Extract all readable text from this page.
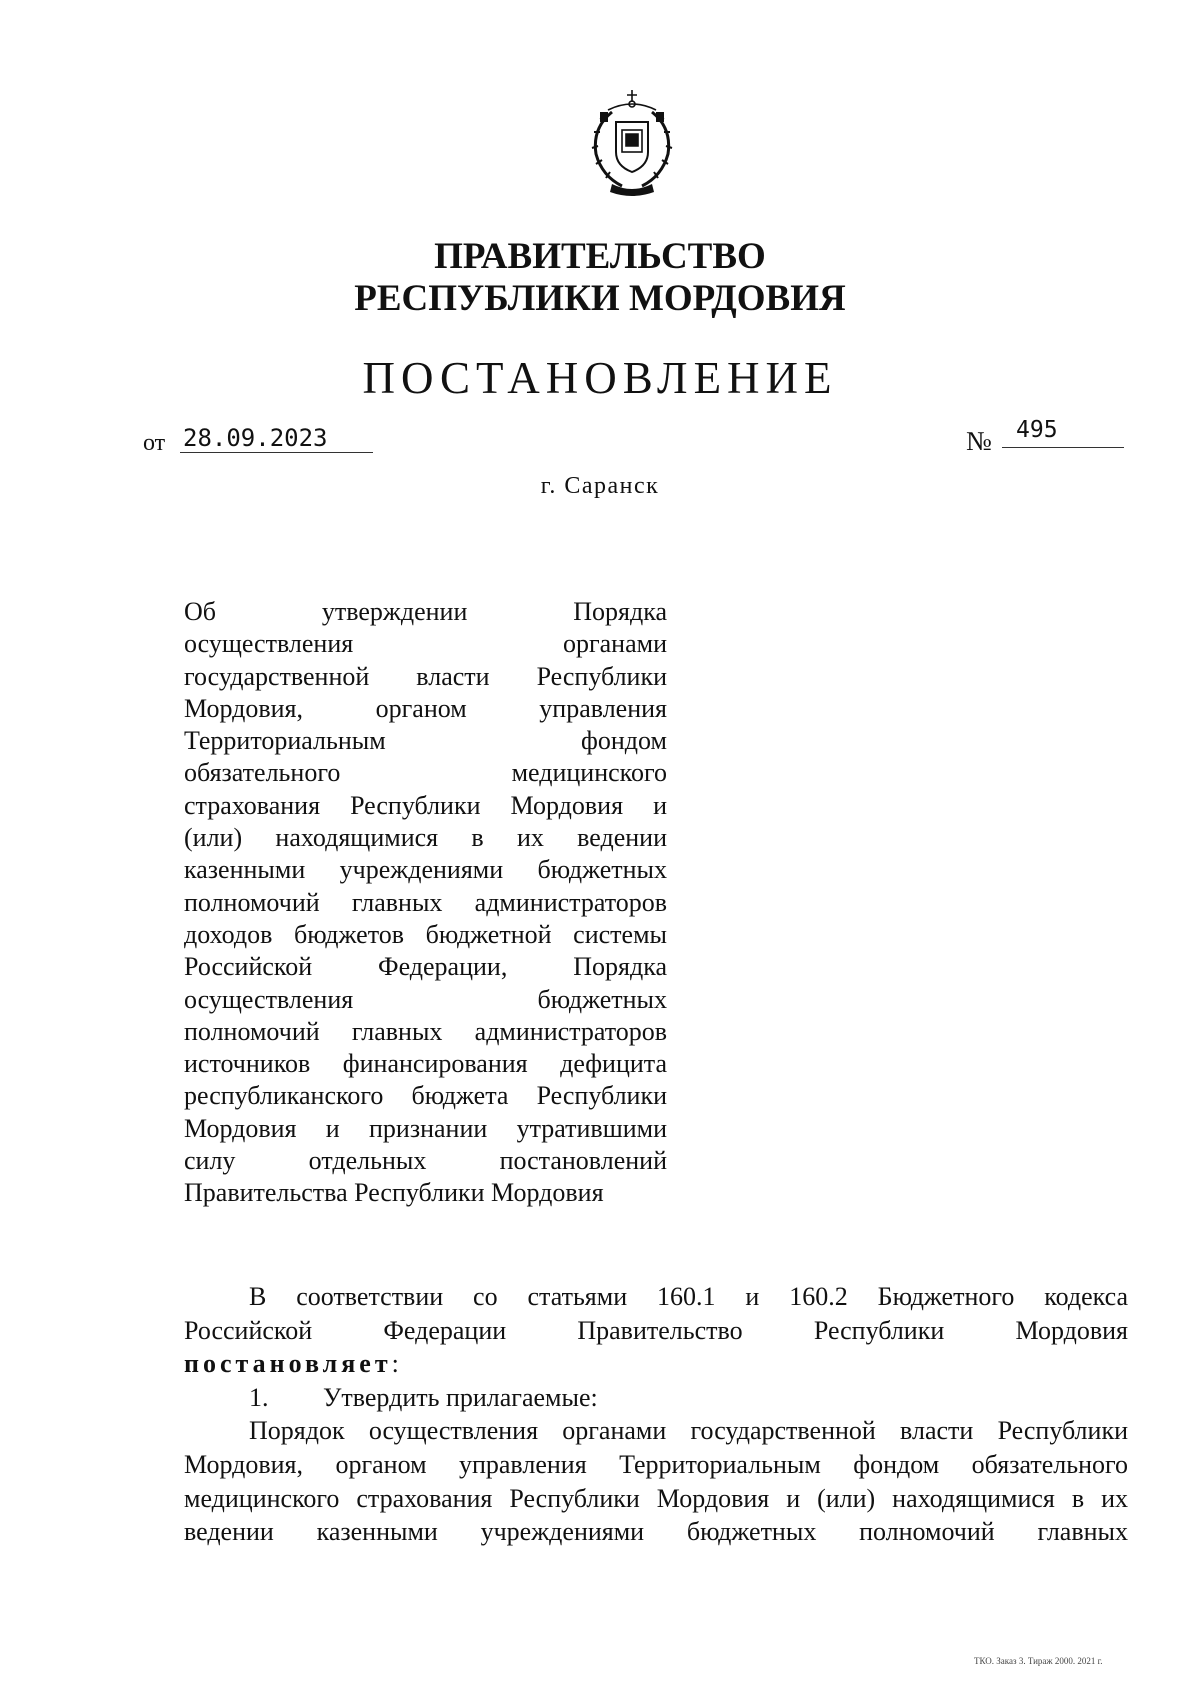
ПРАВИТЕЛЬСТВО
РЕСПУБЛИКИ МОРДОВИЯ
ПОСТАНОВЛЕНИЕ
от 28.09.2023	№	495
г. Саранск
Об утверждении Порядка
осуществления органами
государственной власти Республики
Мордовия, органом управления
Территориальным фондом
обязательного медицинского
страхования Республики Мордовия и
(или) находящимися в их ведении
казенными учреждениями бюджетных
полномочий главных администраторов
доходов бюджетов бюджетной системы
Российской Федерации, Порядка
осуществления бюджетных
полномочий главных администраторов
источников финансирования дефицита
республиканского бюджета Республики
Мордовия и признании утратившими
силу отдельных постановлений
Правительства Республики Мордовия
В соответствии со статьями 160.1 и 160.2 Бюджетного кодекса
Российской Федерации Правительство Республики Мордовия
постановляет:
1. Утвердить прилагаемые:
Порядок осуществления органами государственной власти Республики
Мордовия, органом управления Территориальным фондом обязательного
медицинского страхования Республики Мордовия и (или) находящимися в их
ведении казенными учреждениями бюджетных полномочий главных
ТКО. Заказ 3. Тираж 2000. 2021 г.
